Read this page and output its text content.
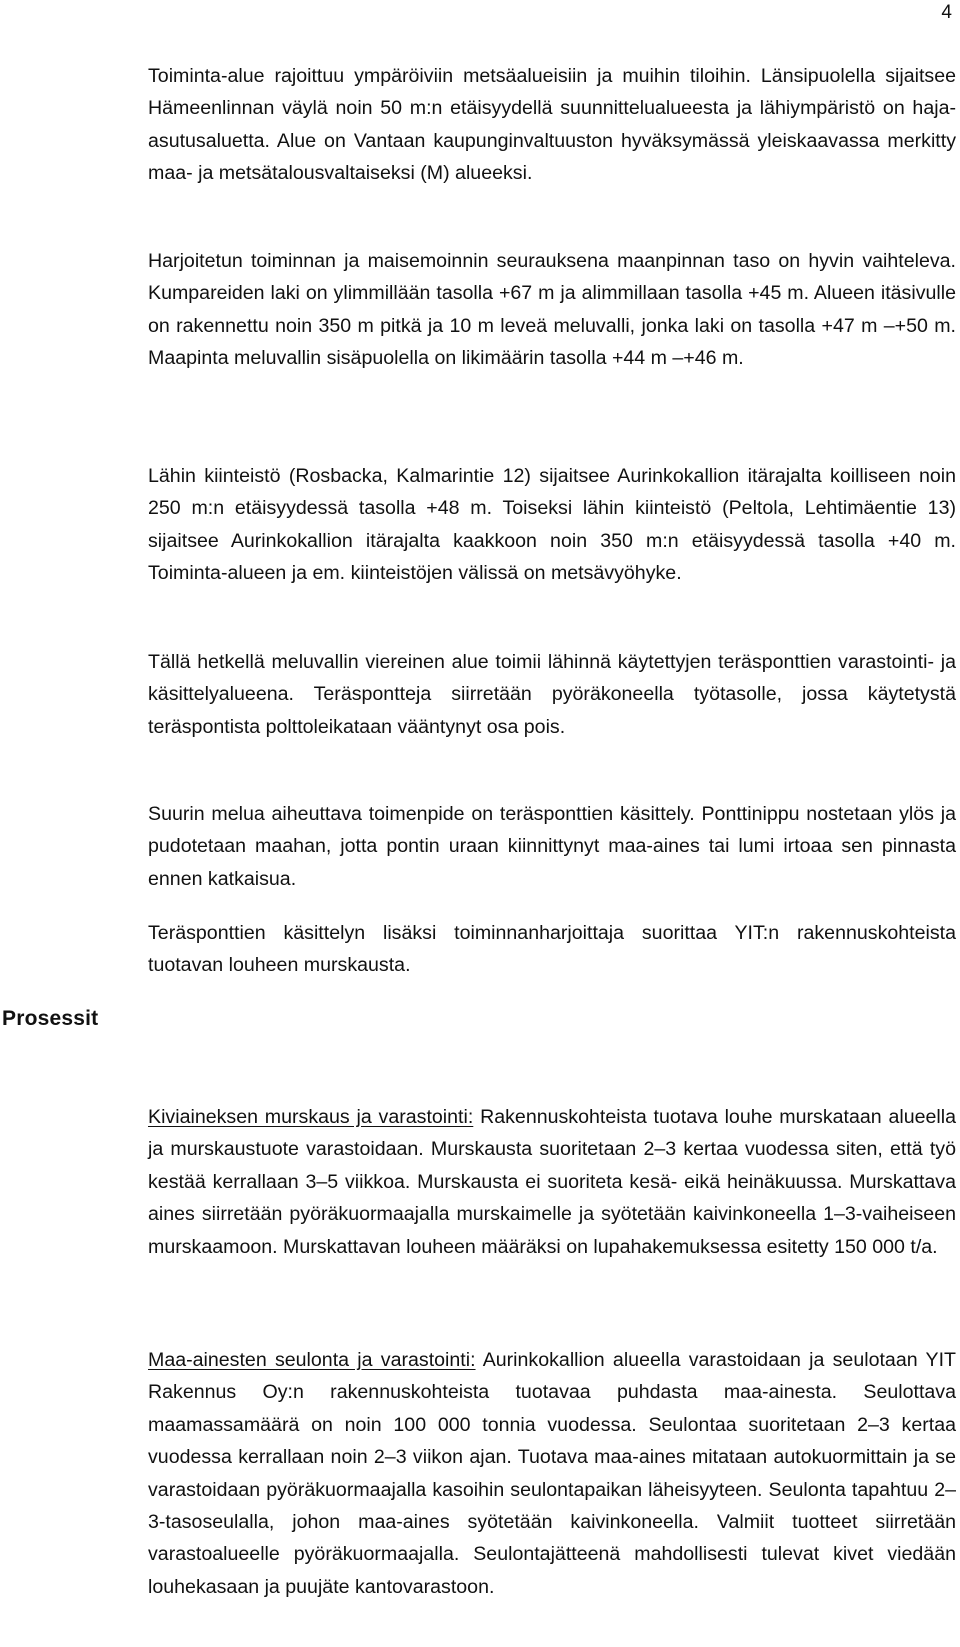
4
Prosessit

Toiminta-alue rajoittuu ympäröiviin metsäalueisiin ja muihin tiloihin. Länsipuolella sijaitsee Hämeenlinnan väylä noin 50 m:n etäisyydellä suunnittelualueesta ja lähiympäristö on haja-asutusaluetta. Alue on Vantaan kaupunginvaltuuston hyväksymässä yleiskaavassa merkitty maa- ja metsätalousvaltaiseksi (M) alueeksi.

Harjoitetun toiminnan ja maisemoinnin seurauksena maanpinnan taso on hyvin vaihteleva. Kumpareiden laki on ylimmillään tasolla +67 m ja alimmillaan tasolla +45 m. Alueen itäsivulle on rakennettu noin 350 m pitkä ja 10 m leveä meluvalli, jonka laki on tasolla +47 m –+50 m. Maapinta meluvallin sisäpuolella on likimäärin tasolla +44 m –+46 m.

Lähin kiinteistö (Rosbacka, Kalmarintie 12) sijaitsee Aurinkokallion itärajalta koilliseen noin 250 m:n etäisyydessä tasolla +48 m. Toiseksi lähin kiinteistö (Peltola, Lehtimäentie 13) sijaitsee Aurinkokallion itärajalta kaakkoon noin 350 m:n etäisyydessä tasolla +40 m. Toiminta-alueen ja em. kiinteistöjen välissä on metsävyöhyke.

Tällä hetkellä meluvallin viereinen alue toimii lähinnä käytettyjen teräsponttien varastointi- ja käsittelyalueena. Teräsponttеja siirretään pyöräkoneella työtasolle, jossa käytetystä teräspontista polttoleikataan vääntynyt osa pois.

Suurin melua aiheuttava toimenpide on teräsponttien käsittely. Ponttinippu nostetaan ylös ja pudotetaan maahan, jotta pontin uraan kiinnittynyt maa-aines tai lumi irtoaa sen pinnasta ennen katkaisua.

Teräsponttien käsittelyn lisäksi toiminnanharjoittaja suorittaa YIT:n rakennuskohteista tuotavan louheen murskausta.

Kiviaineksen murskaus ja varastointi: Rakennuskohteista tuotava louhe murskataan alueella ja murskaustuote varastoidaan. Murskausta suoritetaan 2–3 kertaa vuodessa siten, että työ kestää kerrallaan 3–5 viikkoa. Murskausta ei suoriteta kesä- eikä heinäkuussa. Murskattava aines siirretään pyöräkuormaajalla murskaimelle ja syötetään kaivinkoneella 1–3-vaiheiseen murskaamoon. Murskattavan louheen määräksi on lupahakemuksessa esitetty 150 000 t/a.

Maa-ainesten seulonta ja varastointi: Aurinkokallion alueella varastoidaan ja seulotaan YIT Rakennus Oy:n rakennuskohteista tuotavaa puhdasta maa-ainesta. Seulottava maamassamäärä on noin 100 000 tonnia vuodessa. Seulontaa suoritetaan 2–3 kertaa vuodessa kerrallaan noin 2–3 viikon ajan. Tuotava maa-aines mitataan autokuormittain ja se varastoidaan pyöräkuormaajalla kasoihin seulontapaikan läheisyyteen. Seulonta tapahtuu 2–3-tasoseulalla, johon maa-aines syötetään kaivinkoneella. Valmiit tuotteet siirretään varastoalueelle pyöräkuormaajalla. Seulontajätteenä mahdollisesti tulevat kivet viedään louhekasaan ja puujäte kantovarastoon.
